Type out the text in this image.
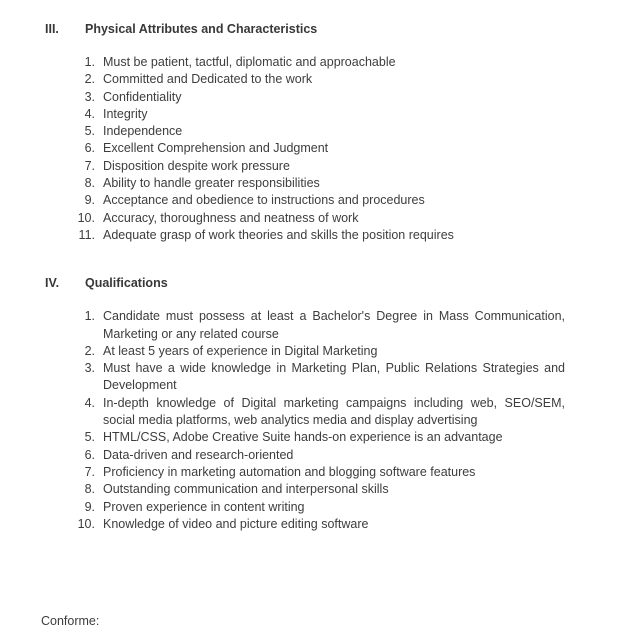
III.	Physical Attributes and Characteristics
1. Must be patient, tactful, diplomatic and approachable
2. Committed and Dedicated to the work
3. Confidentiality
4. Integrity
5. Independence
6. Excellent Comprehension and Judgment
7. Disposition despite work pressure
8. Ability to handle greater responsibilities
9. Acceptance and obedience to instructions and procedures
10. Accuracy, thoroughness and neatness of work
11. Adequate grasp of work theories and skills the position requires
IV.	Qualifications
1. Candidate must possess at least a Bachelor's Degree in Mass Communication,
Marketing or any related course
2. At least 5 years of experience in Digital Marketing
3. Must have a wide knowledge in Marketing Plan, Public Relations Strategies and
Development
4. In-depth knowledge of Digital marketing campaigns including web, SEO/SEM,
social media platforms, web analytics media and display advertising
5. HTML/CSS, Adobe Creative Suite hands-on experience is an advantage
6. Data-driven and research-oriented
7. Proficiency in marketing automation and blogging software features
8. Outstanding communication and interpersonal skills
9. Proven experience in content writing
10. Knowledge of video and picture editing software
Conforme:
